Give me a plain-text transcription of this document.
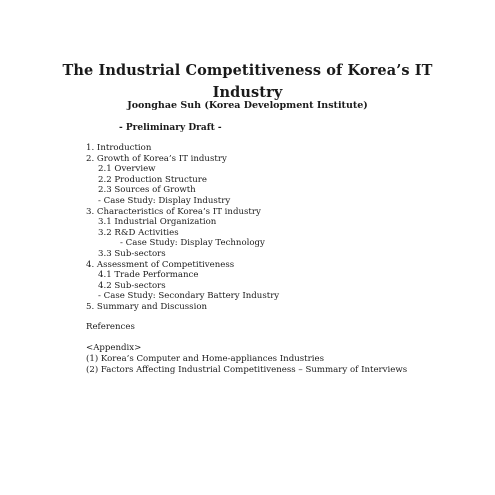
The Industrial Competitiveness of Korea’s IT
Industry
Joonghae Suh (Korea Development Institute)
- Preliminary Draft -
1. Introduction
2. Growth of Korea’s IT industry
2.1 Overview
2.2 Production Structure
2.3 Sources of Growth
- Case Study: Display Industry
3. Characteristics of Korea’s IT industry
3.1 Industrial Organization
3.2 R&D Activities
- Case Study: Display Technology
3.3 Sub-sectors
4. Assessment of Competitiveness
4.1 Trade Performance
4.2 Sub-sectors
- Case Study: Secondary Battery Industry
5. Summary and Discussion
References
<Appendix>
(1) Korea’s Computer and Home-appliances Industries
(2) Factors Affecting Industrial Competitiveness – Summary of Interviews
